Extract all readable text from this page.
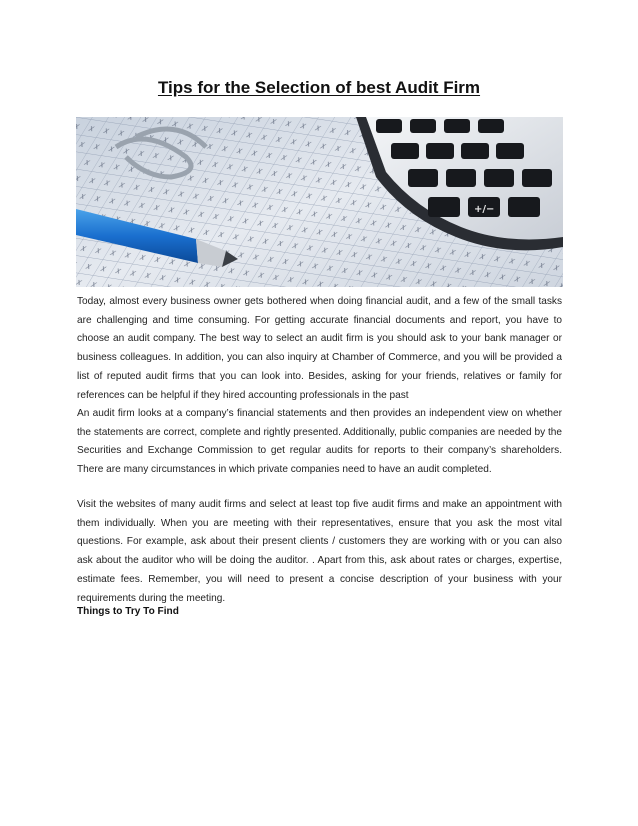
Tips for the Selection of best Audit Firm
+/−
Today, almost every business owner gets bothered when doing financial audit, and a few of the small tasks are challenging and time consuming. For getting accurate financial documents and report, you have to choose an audit company. The best way to select an audit firm is you should ask to your bank manager or business colleagues. In addition, you can also inquiry at Chamber of Commerce, and you will be provided a list of reputed audit firms that you can look into. Besides, asking for your friends, relatives or family for references can be helpful if they hired accounting professionals in the past
An audit firm looks at a company’s financial statements and then provides an independent view on whether the statements are correct, complete and rightly presented. Additionally, public companies are needed by the Securities and Exchange Commission to get regular audits for reports to their company’s shareholders. There are many circumstances in which private companies need to have an audit completed.
Visit the websites of many audit firms and select at least top five audit firms and make an appointment with them individually. When you are meeting with their representatives, ensure that you ask the most vital questions. For example, ask about their present clients / customers they are working with or you can also ask about the auditor who will be doing the auditor. . Apart from this, ask about rates or charges, expertise, estimate fees. Remember, you will need to present a concise description of your business with your requirements during the meeting.
Things to Try To Find
